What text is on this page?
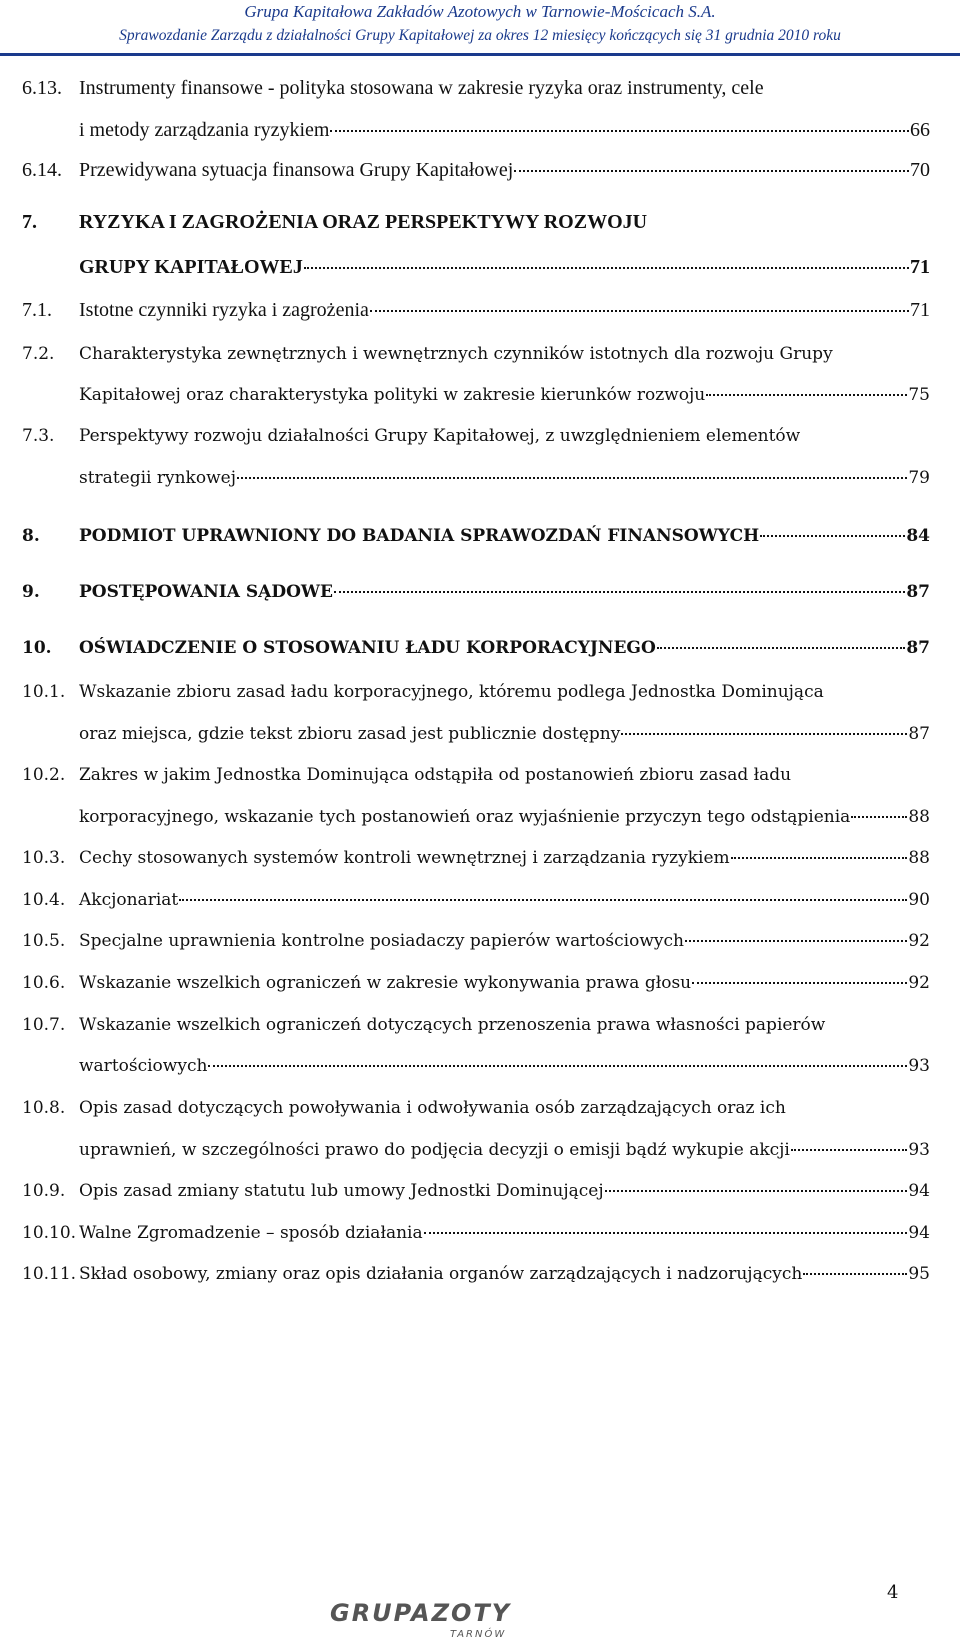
Grupa Kapitałowa Zakładów Azotowych w Tarnowie-Mościcach S.A.
Sprawozdanie Zarządu z działalności Grupy Kapitałowej za okres 12 miesięcy kończących się 31 grudnia 2010 roku
6.13. Instrumenty finansowe - polityka stosowana w zakresie ryzyka oraz instrumenty, cele
i metody zarządzania ryzykiem	66
6.14. Przewidywana sytuacja finansowa Grupy Kapitałowej	70
7. RYZYKA I ZAGROŻENIA ORAZ PERSPEKTYWY ROZWOJU
GRUPY KAPITAŁOWEJ	71
7.1. Istotne czynniki ryzyka i zagrożenia	71
7.2. Charakterystyka zewnętrznych i wewnętrznych czynników istotnych dla rozwoju Grupy
Kapitałowej oraz charakterystyka polityki w zakresie kierunków rozwoju	75
7.3. Perspektywy rozwoju działalności Grupy Kapitałowej, z uwzględnieniem elementów
strategii rynkowej	79
8. PODMIOT UPRAWNIONY DO BADANIA SPRAWOZDAŃ FINANSOWYCH	84
9. POSTĘPOWANIA SĄDOWE	87
10. OŚWIADCZENIE O STOSOWANIU ŁADU KORPORACYJNEGO	87
10.1. Wskazanie zbioru zasad ładu korporacyjnego, któremu podlega Jednostka Dominująca
oraz miejsca, gdzie tekst zbioru zasad jest publicznie dostępny	87
10.2. Zakres w jakim Jednostka Dominująca odstąpiła od postanowień zbioru zasad ładu
korporacyjnego, wskazanie tych postanowień oraz wyjaśnienie przyczyn tego odstąpienia	88
10.3. Cechy stosowanych systemów kontroli wewnętrznej i zarządzania ryzykiem	88
10.4. Akcjonariat	90
10.5. Specjalne uprawnienia kontrolne posiadaczy papierów wartościowych	92
10.6. Wskazanie wszelkich ograniczeń w zakresie wykonywania prawa głosu	92
10.7. Wskazanie wszelkich ograniczeń dotyczących przenoszenia prawa własności papierów
wartościowych	93
10.8. Opis zasad dotyczących powoływania i odwoływania osób zarządzających oraz ich
uprawnień, w szczególności prawo do podjęcia decyzji o emisji bądź wykupie akcji	93
10.9. Opis zasad zmiany statutu lub umowy Jednostki Dominującej	94
10.10. Walne Zgromadzenie – sposób działania	94
10.11. Skład osobowy, zmiany oraz opis działania organów zarządzających i nadzorujących	95
GRUPAZOTY
TARNÓW
4
